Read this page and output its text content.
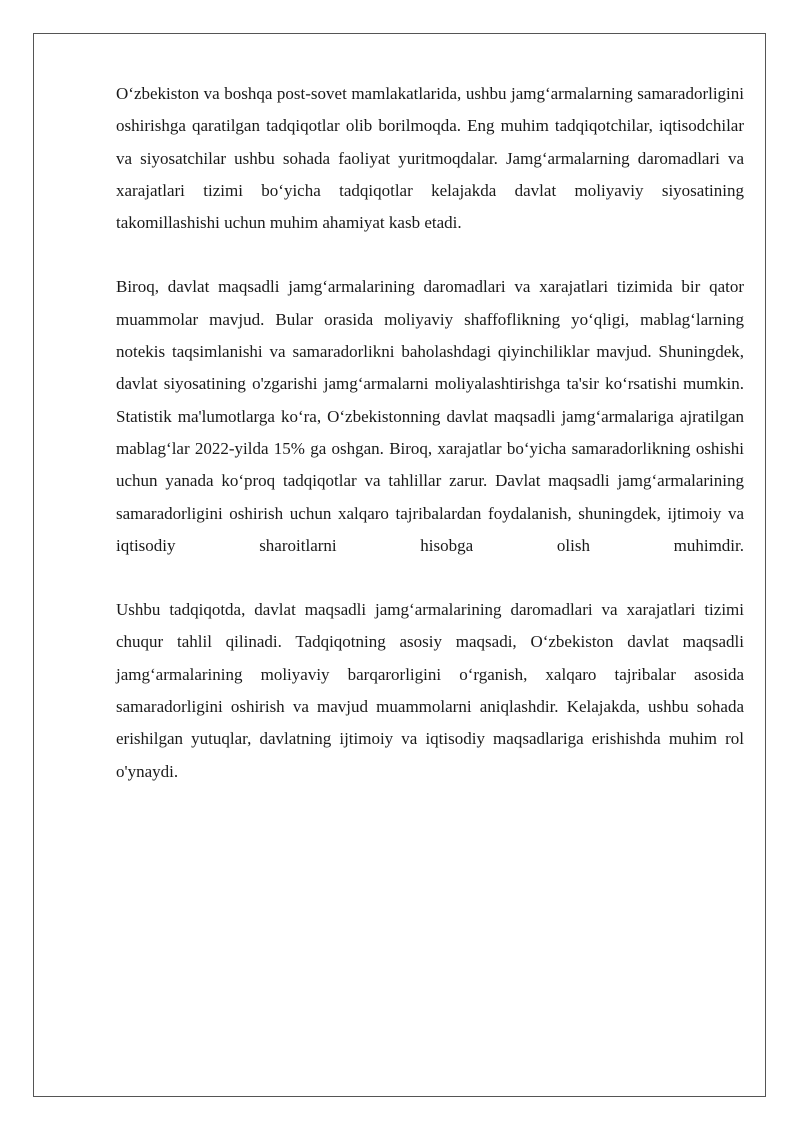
O‘zbekiston va boshqa post-sovet mamlakatlarida, ushbu jamg‘armalarning samaradorligini oshirishga qaratilgan tadqiqotlar olib borilmoqda. Eng muhim tadqiqotchilar, iqtisodchilar va siyosatchilar ushbu sohada faoliyat yuritmoqdalar. Jamg‘armalarning daromadlari va xarajatlari tizimi bo‘yicha tadqiqotlar kelajakda davlat moliyaviy siyosatining takomillashishi uchun muhim ahamiyat kasb etadi.

Biroq, davlat maqsadli jamg‘armalarining daromadlari va xarajatlari tizimida bir qator muammolar mavjud. Bular orasida moliyaviy shaffoflikning yo‘qligi, mablag‘larning notekis taqsimlanishi va samaradorlikni baholashdagi qiyinchiliklar mavjud. Shuningdek, davlat siyosatining o'zgarishi jamg‘armalarni moliyalashtirishga ta'sir ko‘rsatishi mumkin. Statistik ma'lumotlarga ko‘ra, O‘zbekistonning davlat maqsadli jamg‘armalariga ajratilgan mablag‘lar 2022-yilda 15% ga oshgan. Biroq, xarajatlar bo‘yicha samaradorlikning oshishi uchun yanada ko‘proq tadqiqotlar va tahlillar zarur. Davlat maqsadli jamg‘armalarining samaradorligini oshirish uchun xalqaro tajribalardan foydalanish, shuningdek, ijtimoiy va iqtisodiy sharoitlarni hisobga olish muhimdir.

Ushbu tadqiqotda, davlat maqsadli jamg‘armalarining daromadlari va xarajatlari tizimi chuqur tahlil qilinadi. Tadqiqotning asosiy maqsadi, O‘zbekiston davlat maqsadli jamg‘armalarining moliyaviy barqarorligini o‘rganish, xalqaro tajribalar asosida samaradorligini oshirish va mavjud muammolarni aniqlashdir. Kelajakda, ushbu sohada erishilgan yutuqlar, davlatning ijtimoiy va iqtisodiy maqsadlariga erishishda muhim rol o'ynaydi.
